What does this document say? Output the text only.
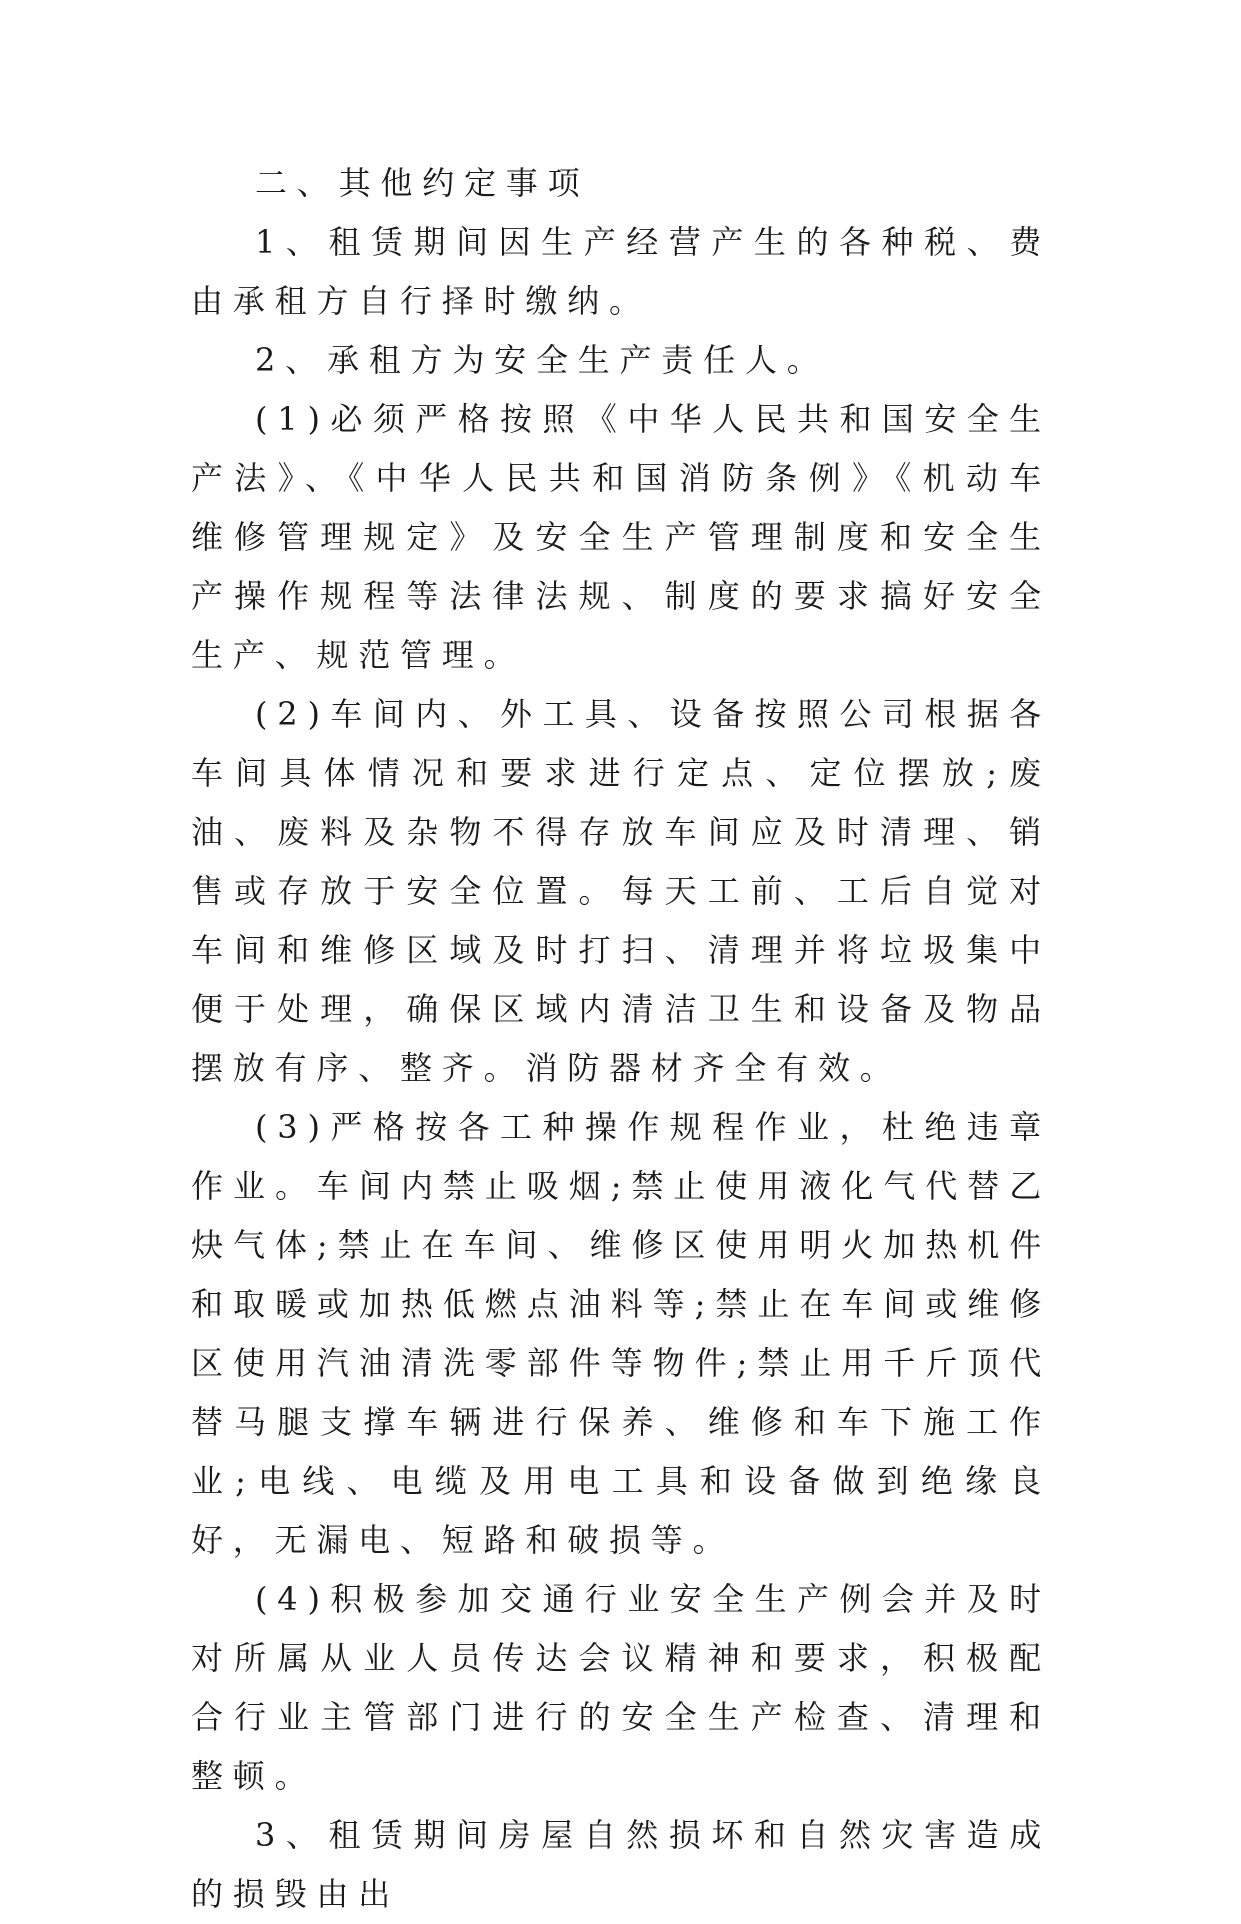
二、其他约定事项

1、租赁期间因生产经营产生的各种税、费由承租方自行择时缴纳。

2、承租方为安全生产责任人。

(1)必须严格按照《中华人民共和国安全生产法》、《中华人民共和国消防条例》《机动车维修管理规定》及安全生产管理制度和安全生产操作规程等法律法规、制度的要求搞好安全生产、规范管理。

(2)车间内、外工具、设备按照公司根据各车间具体情况和要求进行定点、定位摆放;废油、废料及杂物不得存放车间应及时清理、销售或存放于安全位置。每天工前、工后自觉对车间和维修区域及时打扫、清理并将垃圾集中便于处理，确保区域内清洁卫生和设备及物品摆放有序、整齐。消防器材齐全有效。

(3)严格按各工种操作规程作业，杜绝违章作业。车间内禁止吸烟;禁止使用液化气代替乙炔气体;禁止在车间、维修区使用明火加热机件和取暖或加热低燃点油料等;禁止在车间或维修区使用汽油清洗零部件等物件;禁止用千斤顶代替马腿支撑车辆进行保养、维修和车下施工作业;电线、电缆及用电工具和设备做到绝缘良好，无漏电、短路和破损等。

(4)积极参加交通行业安全生产例会并及时对所属从业人员传达会议精神和要求，积极配合行业主管部门进行的安全生产检查、清理和整顿。

3、租赁期间房屋自然损坏和自然灾害造成的损毁由出
